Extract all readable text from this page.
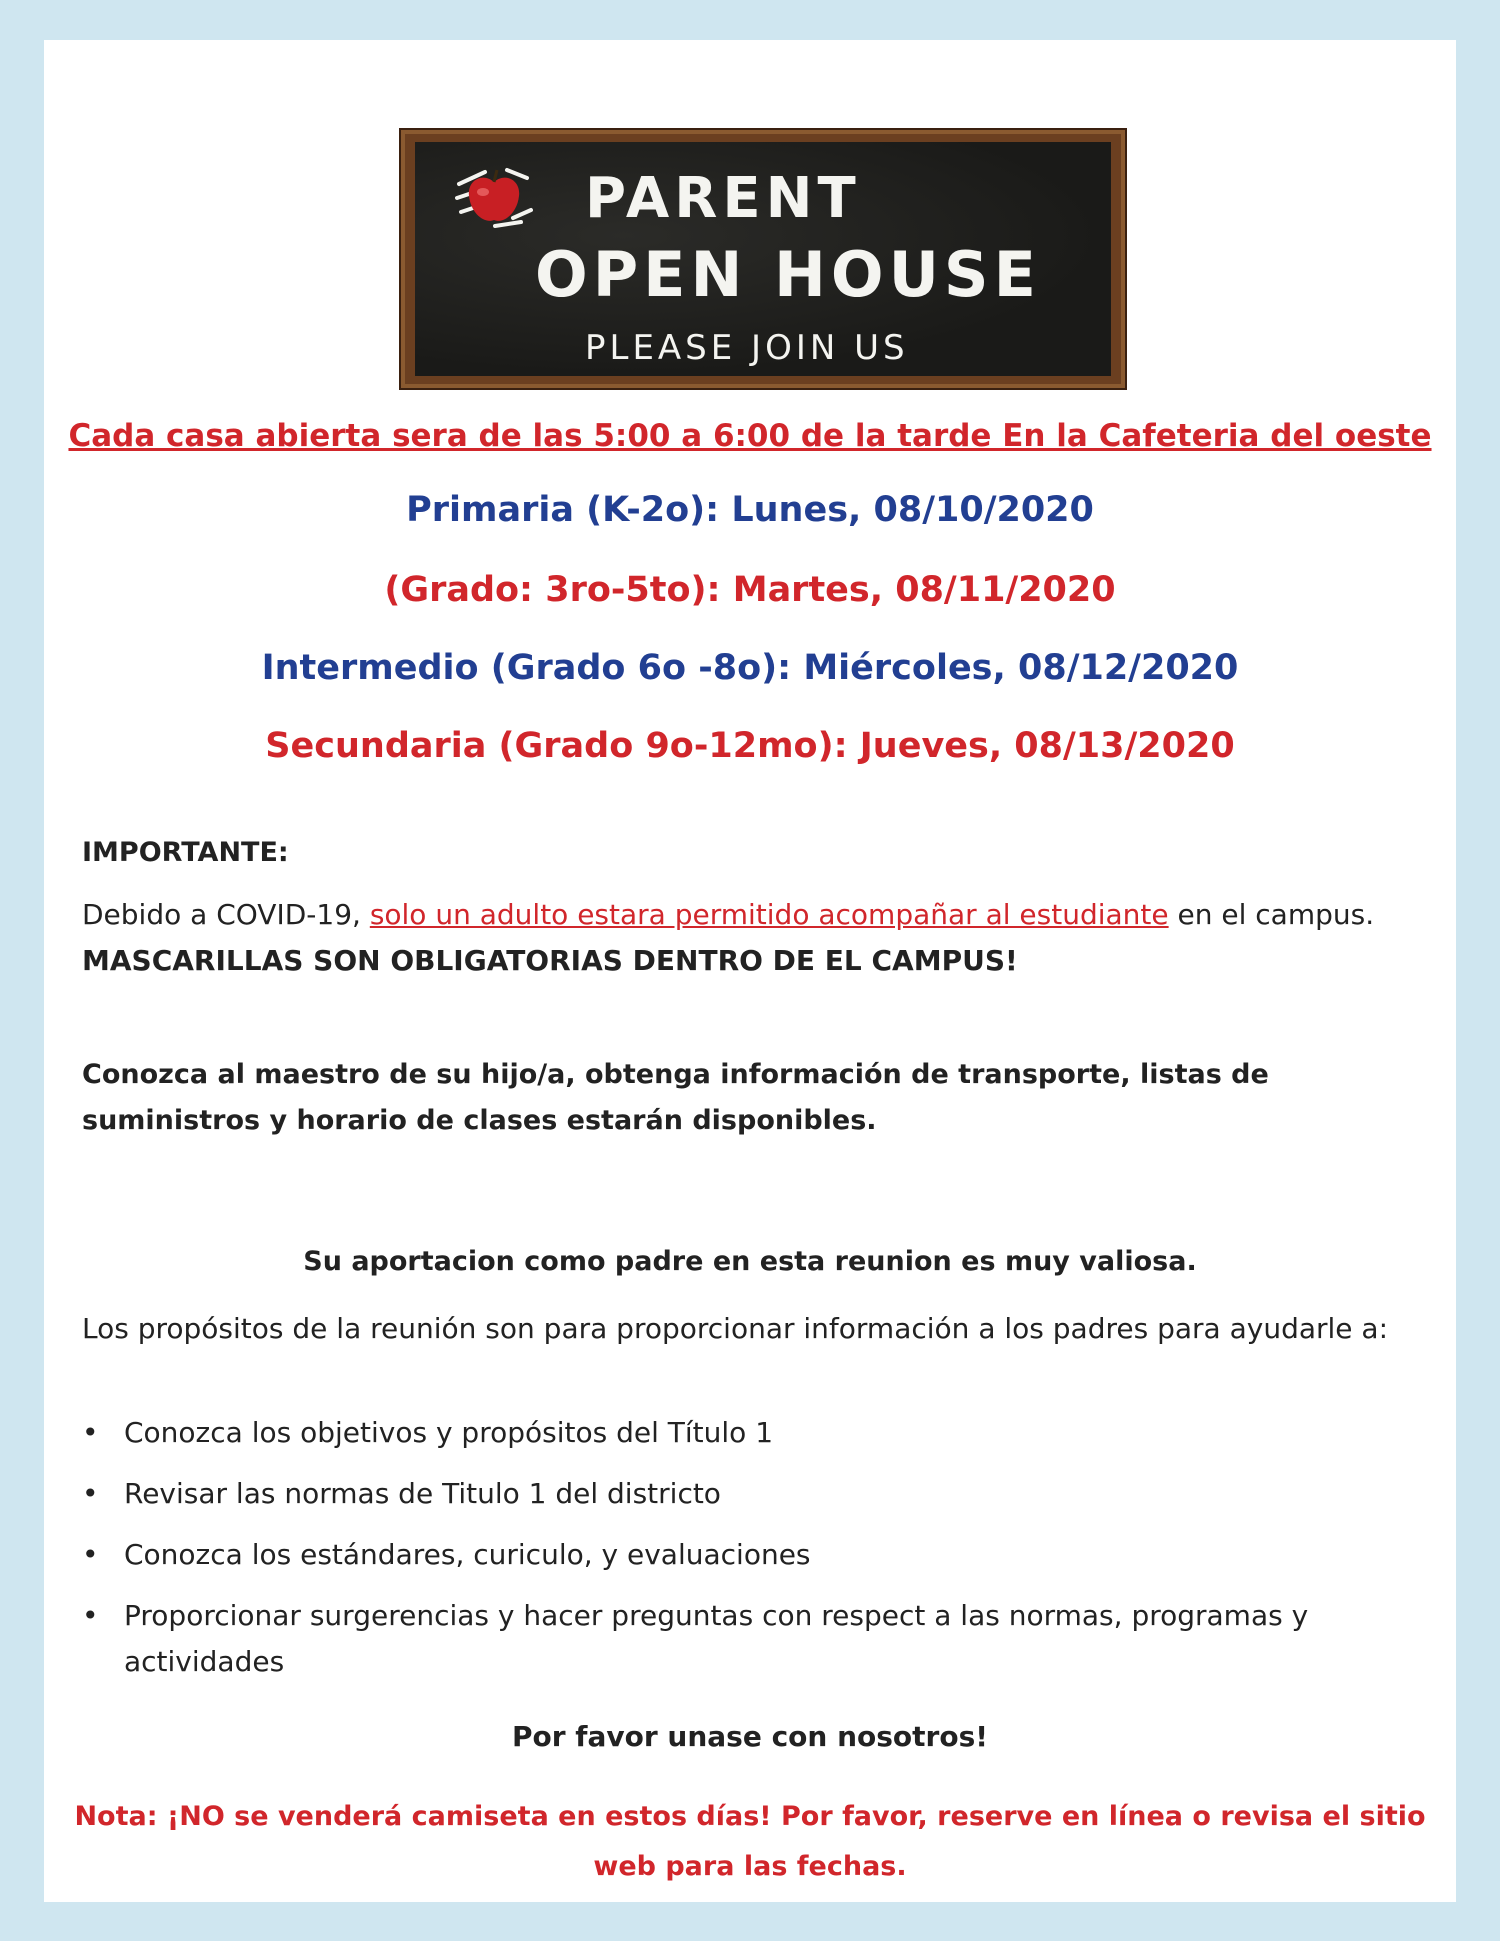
PARENT
OPEN HOUSE
PLEASE JOIN US
Cada casa abierta sera de las 5:00 a 6:00 de la tarde En la Cafeteria del oeste
Primaria (K-2o): Lunes, 08/10/2020
(Grado: 3ro-5to): Martes, 08/11/2020
Intermedio (Grado 6o -8o): Miércoles, 08/12/2020
Secundaria (Grado 9o-12mo): Jueves, 08/13/2020
IMPORTANTE:
Debido a COVID-19, solo un adulto estara permitido acompañar al estudiante en el campus. MASCARILLAS SON OBLIGATORIAS DENTRO DE EL CAMPUS!
Conozca al maestro de su hijo/a, obtenga información de transporte, listas de suministros y horario de clases estarán disponibles.
Su aportacion como padre en esta reunion es muy valiosa.
Los propósitos de la reunión son para proporcionar información a los padres para ayudarle a:
• Conozca los objetivos y propósitos del Título 1
• Revisar las normas de Titulo 1 del districto
• Conozca los estándares, curiculo, y evaluaciones
• Proporcionar surgerencias y hacer preguntas con respect a las normas, programas y actividades
Por favor unase con nosotros!
Nota: ¡NO se venderá camiseta en estos días! Por favor, reserve en línea o revisa el sitio
web para las fechas.
